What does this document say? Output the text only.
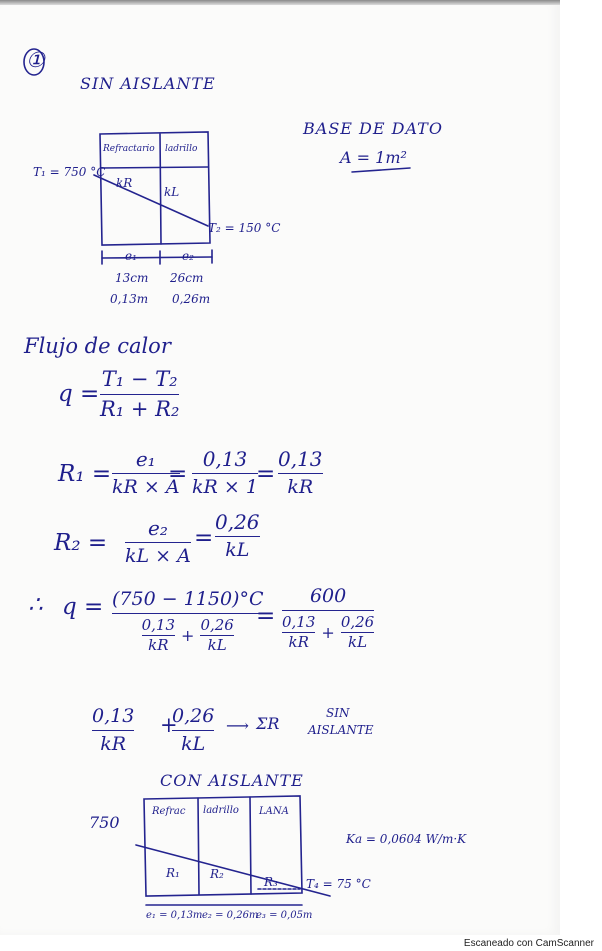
①
SIN AISLANTE
BASE DE DATO
A = 1m²
T₁ = 750 °C
Refractario ladrillo
kR
kL
T₂ = 150 °C
e₁	e₂
13cm 26cm
0,13m 0,26m
Flujo de calor
q =
T₁ − T₂
R₁ + R₂
R₁ =
e₁
kR × A
=
0,13
kR × 1
=
0,13
kR
R₂ =
e₂
kL × A
=
0,26
kL
∴ q = (750 − 1150)°C
$\frac{0,13}{kR} + \frac{0,26}{kL}$
=
600
$\frac{0,13}{kR} + \frac{0,26}{kL}$
0,13
kR
+
0,26
kL
⟶ ΣR
SIN
AISLANTE
CON AISLANTE
750
Refrac ladrillo LANA
R₁	R₂
R₃ T₄ = 75 °C
Ka = 0,0604 W/m·K
e₁ = 0,13m e₂ = 0,26m
e₃ = 0,05m
Escaneado con CamScanner
